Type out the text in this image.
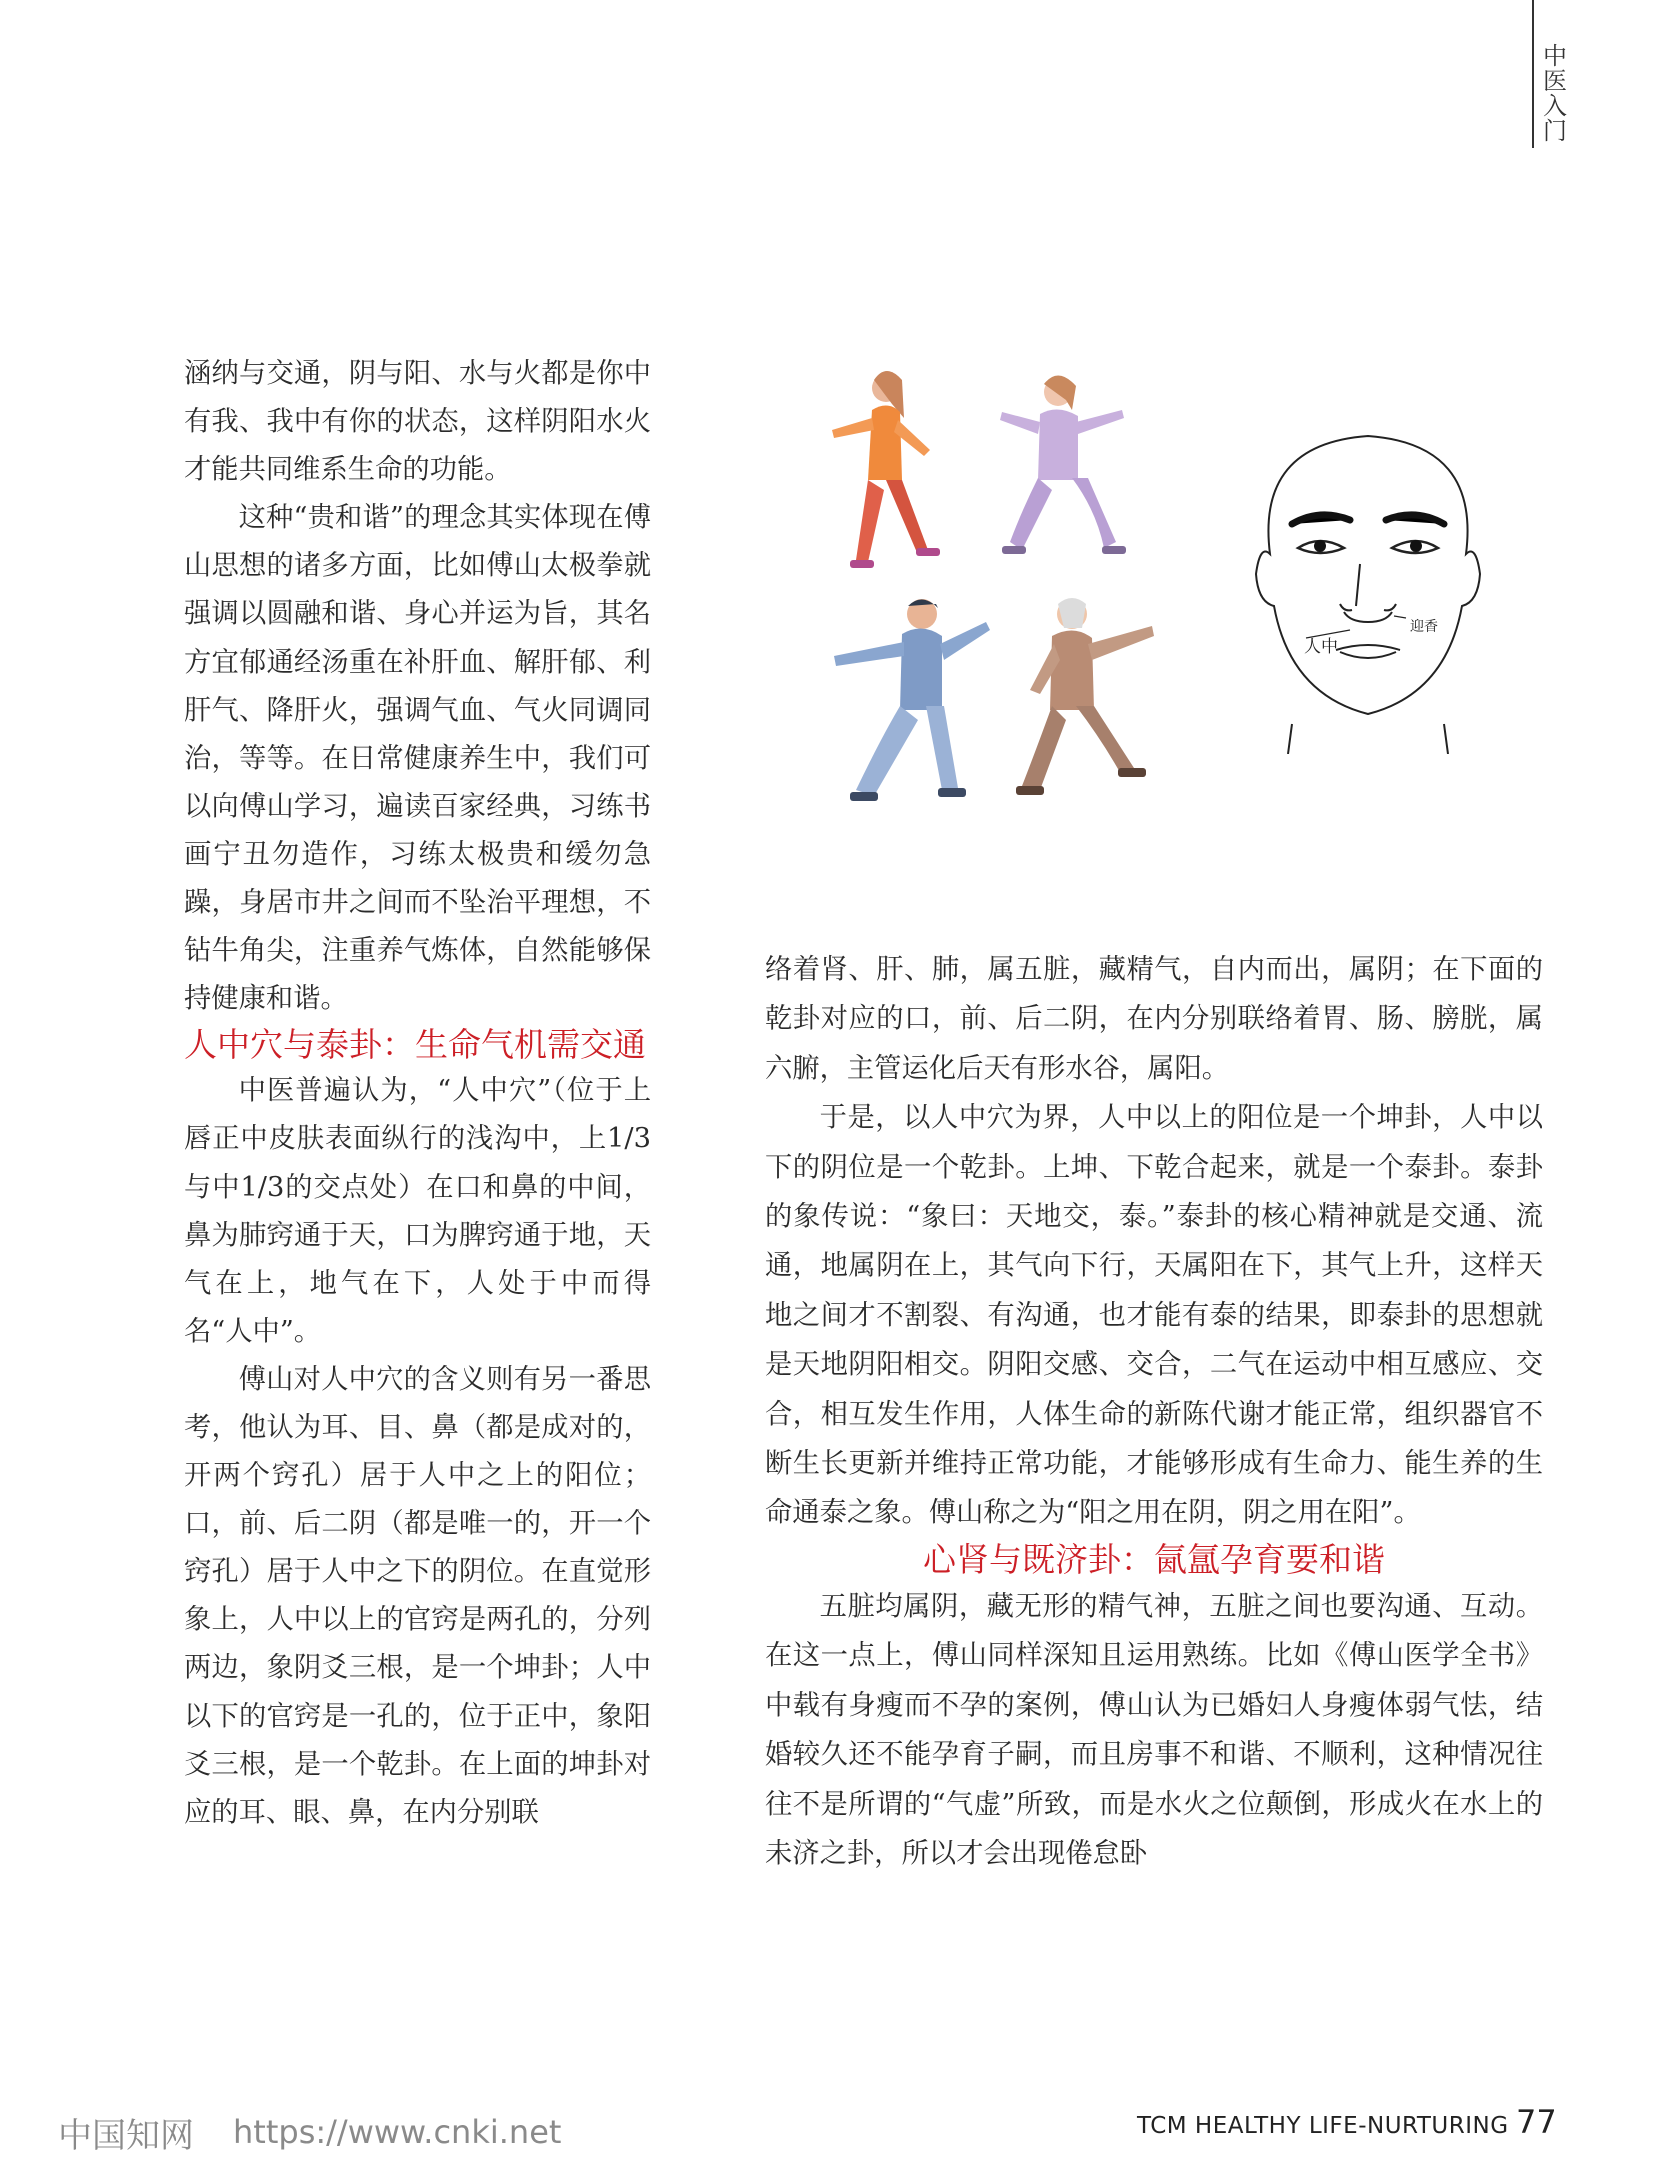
中医入门

涵纳与交通，阴与阳、水与火都是你中有我、我中有你的状态，这样阴阳水火才能共同维系生命的功能。

这种“贵和谐”的理念其实体现在傅山思想的诸多方面，比如傅山太极拳就强调以圆融和谐、身心并运为旨，其名方宜郁通经汤重在补肝血、解肝郁、利肝气、降肝火，强调气血、气火同调同治，等等。在日常健康养生中，我们可以向傅山学习，遍读百家经典，习练书画宁丑勿造作，习练太极贵和缓勿急躁，身居市井之间而不坠治平理想，不钻牛角尖，注重养气炼体，自然能够保持健康和谐。

人中穴与泰卦：生命气机需交通

中医普遍认为，“人中穴”（位于上唇正中皮肤表面纵行的浅沟中，上1/3与中1/3的交点处）在口和鼻的中间，鼻为肺窍通于天，口为脾窍通于地，天气在上，地气在下，人处于中而得名“人中”。

傅山对人中穴的含义则有另一番思考，他认为耳、目、鼻（都是成对的，开两个窍孔）居于人中之上的阳位；口，前、后二阴（都是唯一的，开一个窍孔）居于人中之下的阴位。在直觉形象上，人中以上的官窍是两孔的，分列两边，象阴爻三根，是一个坤卦；人中以下的官窍是一孔的，位于正中，象阳爻三根，是一个乾卦。在上面的坤卦对应的耳、眼、鼻，在内分别联

人中
迎香

络着肾、肝、肺，属五脏，藏精气，自内而出，属阴；在下面的乾卦对应的口，前、后二阴，在内分别联络着胃、肠、膀胱，属六腑，主管运化后天有形水谷，属阳。

于是，以人中穴为界，人中以上的阳位是一个坤卦，人中以下的阴位是一个乾卦。上坤、下乾合起来，就是一个泰卦。泰卦的象传说：“象曰：天地交，泰。”泰卦的核心精神就是交通、流通，地属阴在上，其气向下行，天属阳在下，其气上升，这样天地之间才不割裂、有沟通，也才能有泰的结果，即泰卦的思想就是天地阴阳相交。阴阳交感、交合，二气在运动中相互感应、交合，相互发生作用，人体生命的新陈代谢才能正常，组织器官不断生长更新并维持正常功能，才能够形成有生命力、能生养的生命通泰之象。傅山称之为“阳之用在阴，阴之用在阳”。

心肾与既济卦：氤氲孕育要和谐

五脏均属阴，藏无形的精气神，五脏之间也要沟通、互动。在这一点上，傅山同样深知且运用熟练。比如《傅山医学全书》中载有身瘦而不孕的案例，傅山认为已婚妇人身瘦体弱气怯，结婚较久还不能孕育子嗣，而且房事不和谐、不顺利，这种情况往往不是所谓的“气虚”所致，而是水火之位颠倒，形成火在水上的未济之卦，所以才会出现倦怠卧

中国知网 https://www.cnki.net	TCM HEALTHY LIFE-NURTURING 77
